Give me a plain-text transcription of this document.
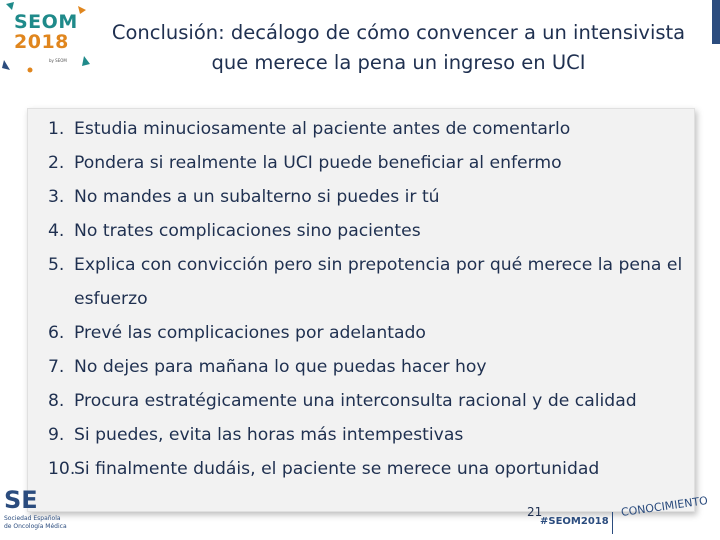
SEOM
2018
by SEOM
Conclusión: decálogo de cómo convencer a un intensivista que merece la pena un ingreso en UCI
1. Estudia minuciosamente al paciente antes de comentarlo
2. Pondera si realmente la UCI puede beneficiar al enfermo
3. No mandes a un subalterno si puedes ir tú
4. No trates complicaciones sino pacientes
5. Explica con convicción pero sin prepotencia por qué merece la pena el esfuerzo
6. Prevé las complicaciones por adelantado
7. No dejes para mañana lo que puedas hacer hoy
8. Procura estratégicamente una interconsulta racional y de calidad
9. Si puedes, evita las horas más intempestivas
10.
Si finalmente dudáis, el paciente se merece una oportunidad
SE
Sociedad Española
de Oncología Médica
21
#SEOM2018
CONOCIMIENTO
